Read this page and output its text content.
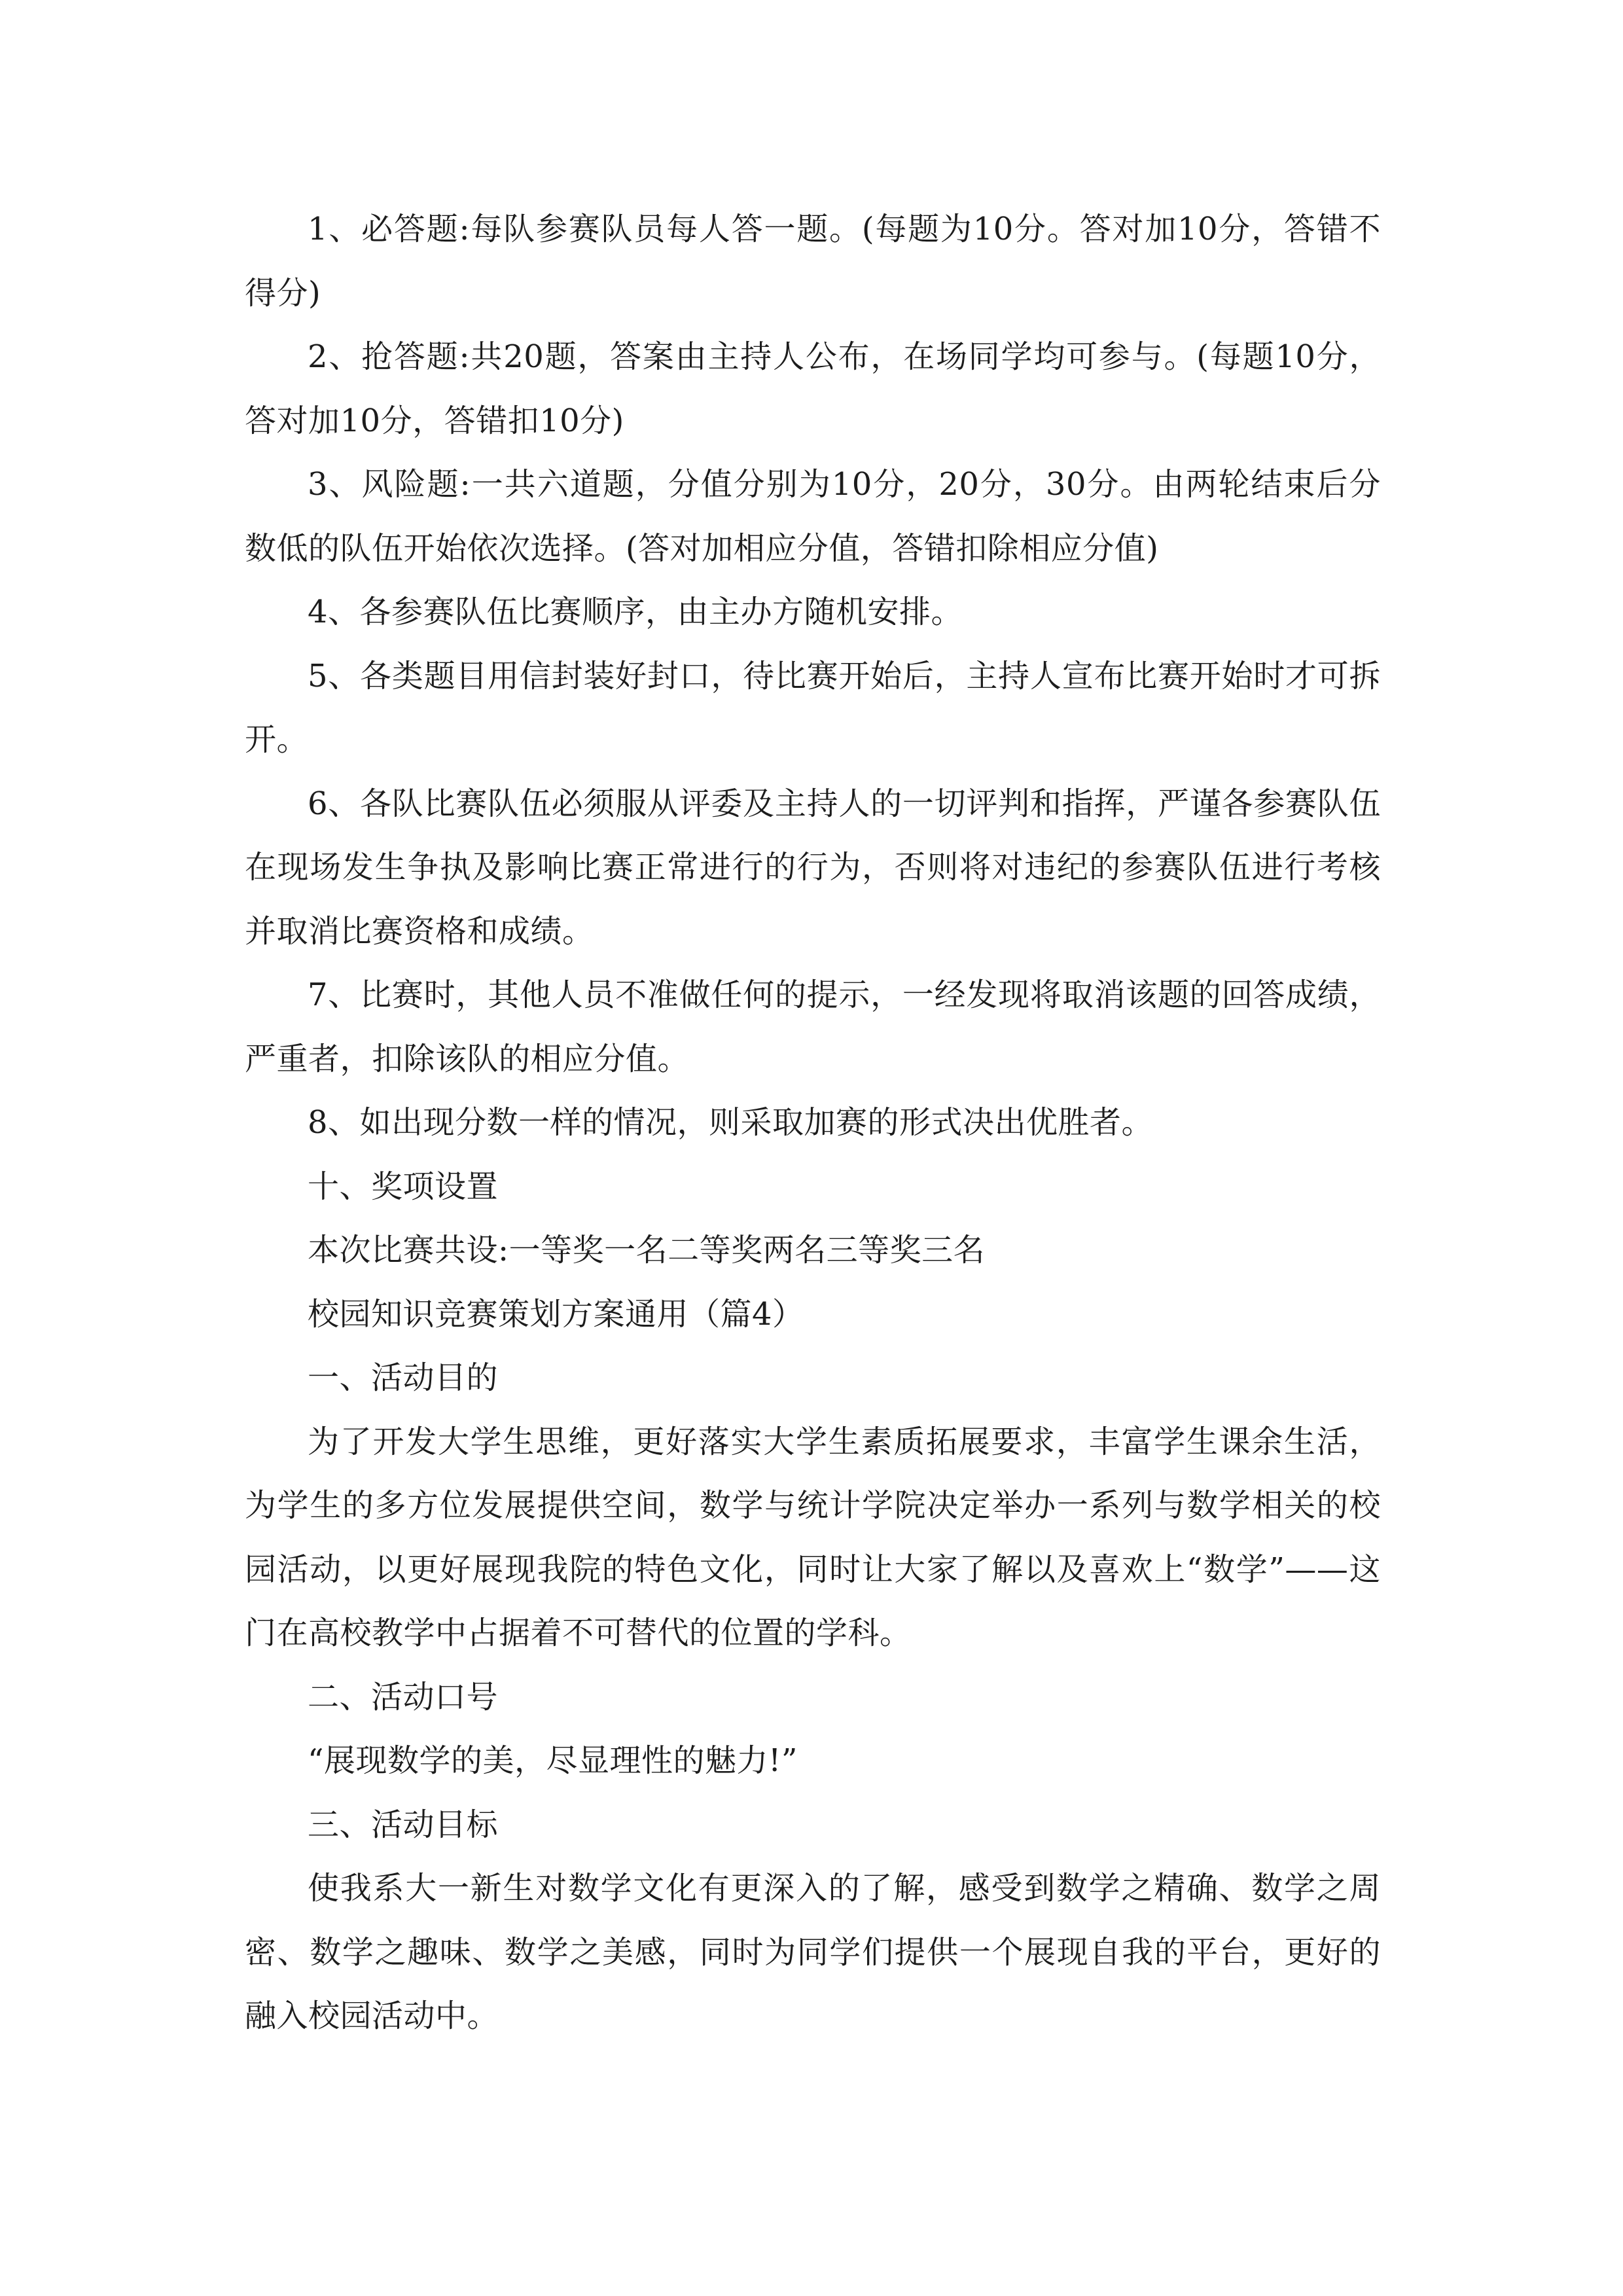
1、必答题:每队参赛队员每人答一题。(每题为10分。答对加10分，答错不得分)

2、抢答题:共20题，答案由主持人公布，在场同学均可参与。(每题10分，答对加10分，答错扣10分)

3、风险题:一共六道题，分值分别为10分，20分，30分。由两轮结束后分数低的队伍开始依次选择。(答对加相应分值，答错扣除相应分值)

4、各参赛队伍比赛顺序，由主办方随机安排。

5、各类题目用信封装好封口，待比赛开始后，主持人宣布比赛开始时才可拆开。

6、各队比赛队伍必须服从评委及主持人的一切评判和指挥，严谨各参赛队伍在现场发生争执及影响比赛正常进行的行为，否则将对违纪的参赛队伍进行考核并取消比赛资格和成绩。

7、比赛时，其他人员不准做任何的提示，一经发现将取消该题的回答成绩，严重者，扣除该队的相应分值。

8、如出现分数一样的情况，则采取加赛的形式决出优胜者。

十、奖项设置

本次比赛共设:一等奖一名二等奖两名三等奖三名

校园知识竞赛策划方案通用（篇4）

一、活动目的

为了开发大学生思维，更好落实大学生素质拓展要求，丰富学生课余生活，为学生的多方位发展提供空间，数学与统计学院决定举办一系列与数学相关的校园活动，以更好展现我院的特色文化，同时让大家了解以及喜欢上“数学”——这门在高校教学中占据着不可替代的位置的学科。

二、活动口号

“展现数学的美，尽显理性的魅力!”

三、活动目标

使我系大一新生对数学文化有更深入的了解，感受到数学之精确、数学之周密、数学之趣味、数学之美感，同时为同学们提供一个展现自我的平台，更好的融入校园活动中。
